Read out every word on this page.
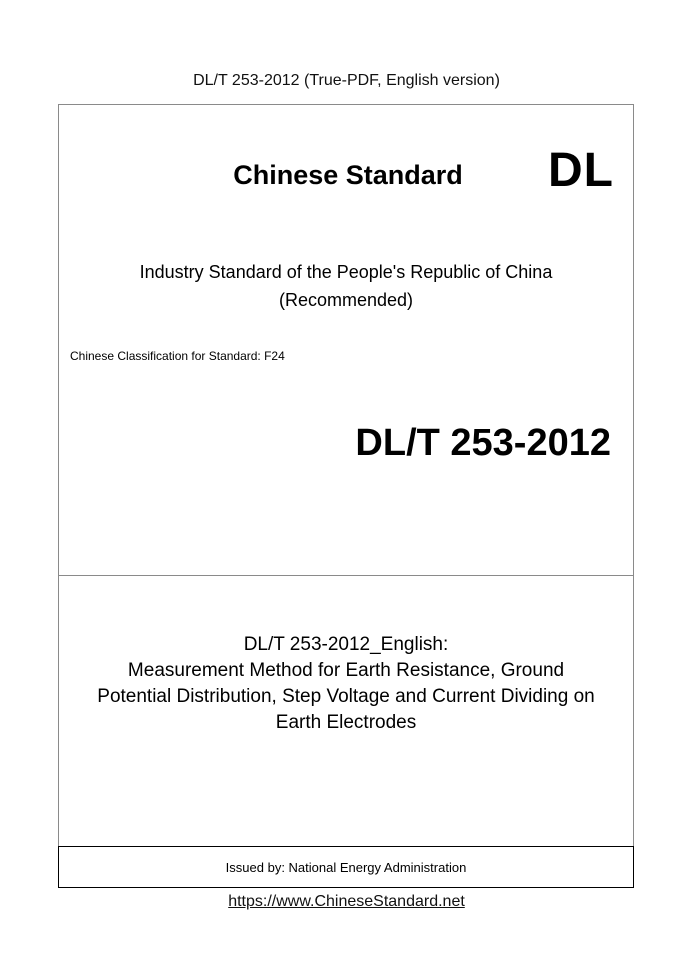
DL/T 253-2012 (True-PDF, English version)
Chinese Standard	DL
Industry Standard of the People's Republic of China
(Recommended)
Chinese Classification for Standard: F24
DL/T 253-2012
DL/T 253-2012_English:
Measurement Method for Earth Resistance, Ground
Potential Distribution, Step Voltage and Current Dividing on
Earth Electrodes
Issued by: National Energy Administration
https://www.ChineseStandard.net
